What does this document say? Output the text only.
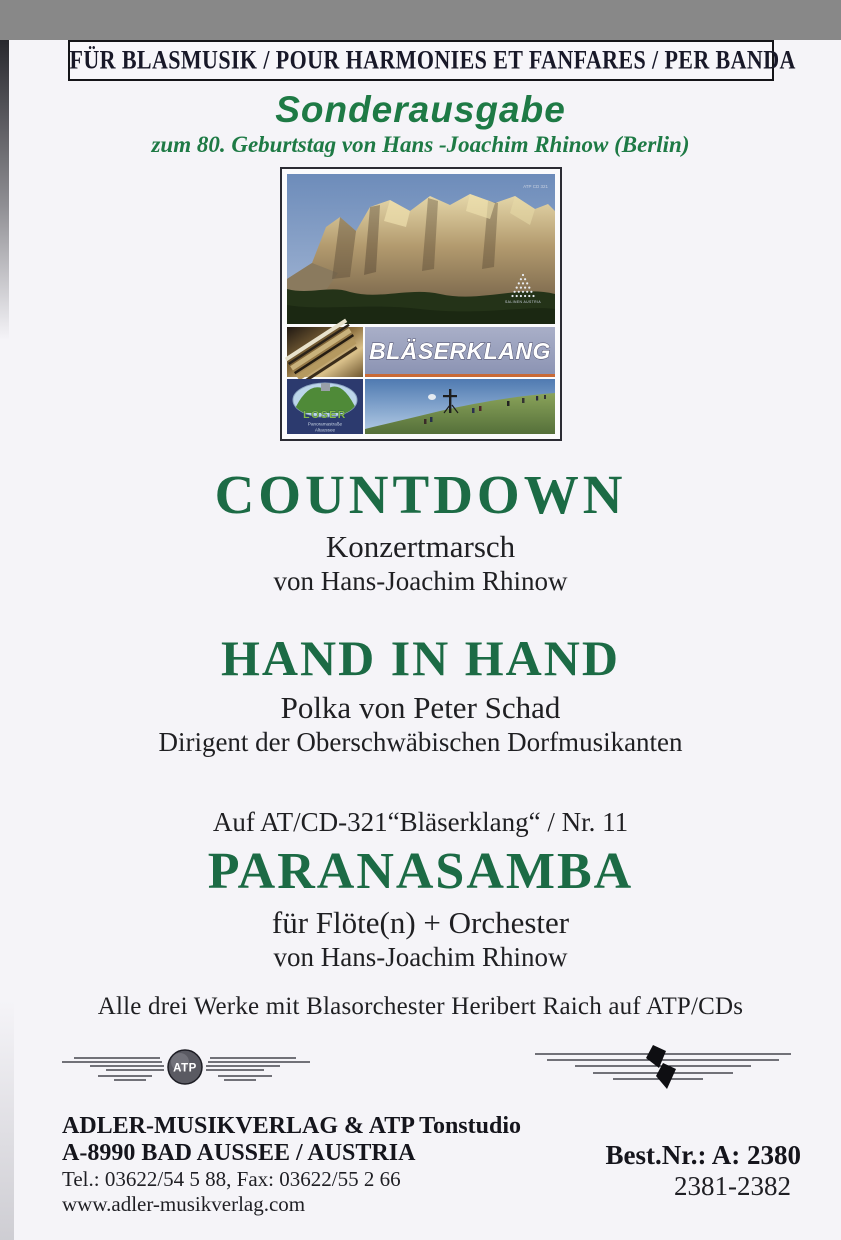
FÜR BLASMUSIK / POUR HARMONIES ET FANFARES / PER BANDA
Sonderausgabe
zum 80. Geburtstag von Hans -Joachim Rhinow (Berlin)
ATP CD 321
SALINEN AUSTRIA
BLÄSERKLANG
LOSER
Panoramastraße
Altaussee
COUNTDOWN
Konzertmarsch
von Hans-Joachim Rhinow
HAND IN HAND
Polka von Peter Schad
Dirigent der Oberschwäbischen Dorfmusikanten
Auf AT/CD-321“Bläserklang“ / Nr. 11
PARANASAMBA
für Flöte(n) + Orchester
von Hans-Joachim Rhinow
Alle drei Werke mit Blasorchester Heribert Raich auf ATP/CDs
ATP
ADLER-MUSIKVERLAG & ATP Tonstudio
A-8990 BAD AUSSEE / AUSTRIA
Tel.: 03622/54 5 88, Fax: 03622/55 2 66
www.adler-musikverlag.com
Best.Nr.: A: 2380
2381-2382
